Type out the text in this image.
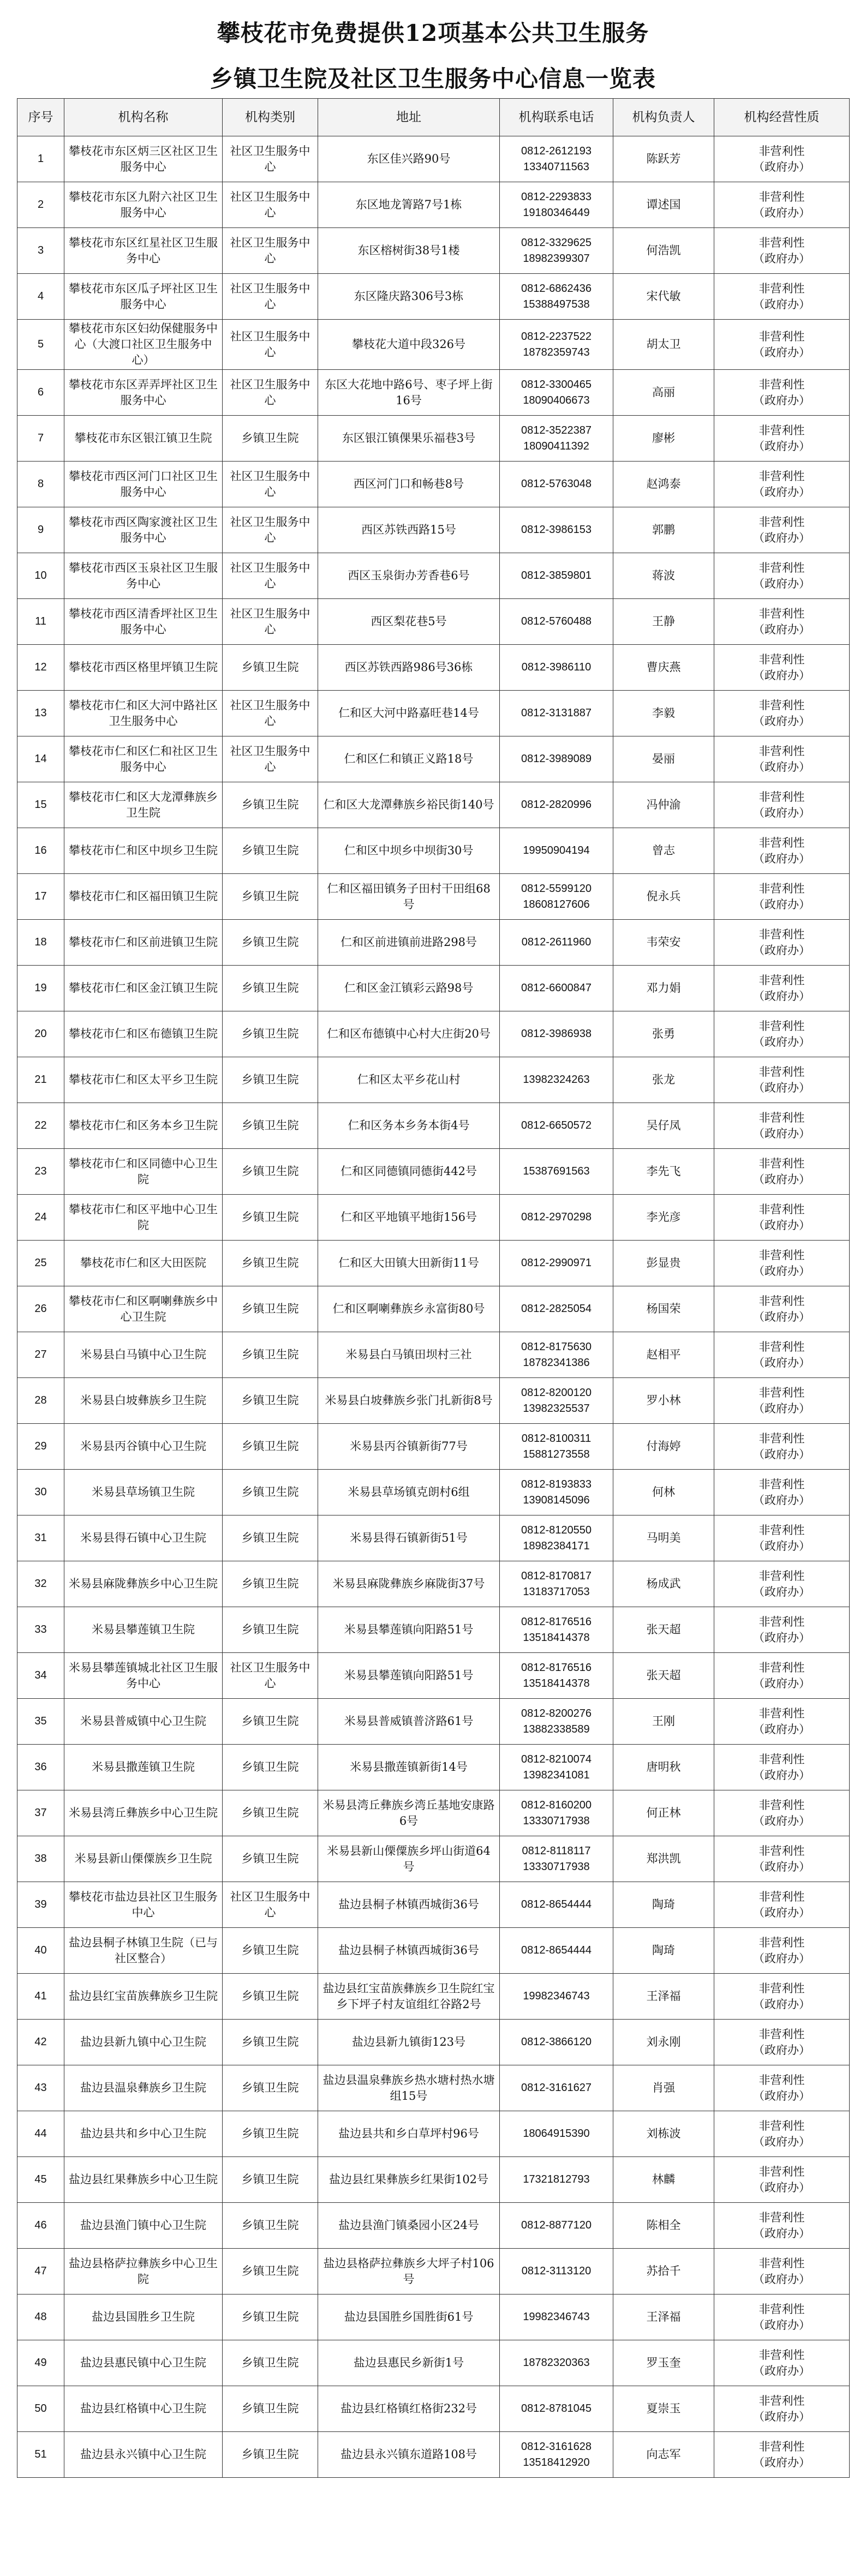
攀枝花市免费提供12项基本公共卫生服务
乡镇卫生院及社区卫生服务中心信息一览表
序号	机构名称	机构类别	地址	机构联系电话	机构负责人	机构经营性质
1	攀枝花市东区炳三区社区卫生服务中心	社区卫生服务中心	东区佳兴路90号	0812-2612193
13340711563	陈跃芳	非营利性
（政府办）
2	攀枝花市东区九附六社区卫生服务中心	社区卫生服务中心	东区地龙箐路7号1栋	0812-2293833
19180346449	谭述国	非营利性
（政府办）
3	攀枝花市东区红星社区卫生服务中心	社区卫生服务中心	东区榕树街38号1楼	0812-3329625
18982399307	何浩凯	非营利性
（政府办）
4	攀枝花市东区瓜子坪社区卫生服务中心	社区卫生服务中心	东区隆庆路306号3栋	0812-6862436
15388497538	宋代敏	非营利性
（政府办）
5	攀枝花市东区妇幼保健服务中心（大渡口社区卫生服务中心）	社区卫生服务中心	攀枝花大道中段326号	0812-2237522
18782359743	胡太卫	非营利性
（政府办）
6	攀枝花市东区弄弄坪社区卫生服务中心	社区卫生服务中心	东区大花地中路6号、枣子坪上街16号	0812-3300465
18090406673	高丽	非营利性
（政府办）
7	攀枝花市东区银江镇卫生院	乡镇卫生院	东区银江镇倮果乐福巷3号	0812-3522387
18090411392	廖彬	非营利性
（政府办）
8	攀枝花市西区河门口社区卫生服务中心	社区卫生服务中心	西区河门口和畅巷8号	0812-5763048	赵鸿泰	非营利性
（政府办）
9	攀枝花市西区陶家渡社区卫生服务中心	社区卫生服务中心	西区苏铁西路15号	0812-3986153	郭鹏	非营利性
（政府办）
10	攀枝花市西区玉泉社区卫生服务中心	社区卫生服务中心	西区玉泉街办芳香巷6号	0812-3859801	蒋波	非营利性
（政府办）
11	攀枝花市西区清香坪社区卫生服务中心	社区卫生服务中心	西区梨花巷5号	0812-5760488	王静	非营利性
（政府办）
12	攀枝花市西区格里坪镇卫生院	乡镇卫生院	西区苏铁西路986号36栋	0812-3986110	曹庆燕	非营利性
（政府办）
13	攀枝花市仁和区大河中路社区卫生服务中心	社区卫生服务中心	仁和区大河中路嘉旺巷14号	0812-3131887	李毅	非营利性
（政府办）
14	攀枝花市仁和区仁和社区卫生服务中心	社区卫生服务中心	仁和区仁和镇正义路18号	0812-3989089	晏丽	非营利性
（政府办）
15	攀枝花市仁和区大龙潭彝族乡卫生院	乡镇卫生院	仁和区大龙潭彝族乡裕民街140号	0812-2820996	冯仲渝	非营利性
（政府办）
16	攀枝花市仁和区中坝乡卫生院	乡镇卫生院	仁和区中坝乡中坝街30号	19950904194	曾志	非营利性
（政府办）
17	攀枝花市仁和区福田镇卫生院	乡镇卫生院	仁和区福田镇务子田村干田组68号	0812-5599120
18608127606	倪永兵	非营利性
（政府办）
18	攀枝花市仁和区前进镇卫生院	乡镇卫生院	仁和区前进镇前进路298号	0812-2611960	韦荣安	非营利性
（政府办）
19	攀枝花市仁和区金江镇卫生院	乡镇卫生院	仁和区金江镇彩云路98号	0812-6600847	邓力娟	非营利性
（政府办）
20	攀枝花市仁和区布德镇卫生院	乡镇卫生院	仁和区布德镇中心村大庄街20号	0812-3986938	张勇	非营利性
（政府办）
21	攀枝花市仁和区太平乡卫生院	乡镇卫生院	仁和区太平乡花山村	13982324263	张龙	非营利性
（政府办）
22	攀枝花市仁和区务本乡卫生院	乡镇卫生院	仁和区务本乡务本街4号	0812-6650572	吴仔凤	非营利性
（政府办）
23	攀枝花市仁和区同德中心卫生院	乡镇卫生院	仁和区同德镇同德街442号	15387691563	李先飞	非营利性
（政府办）
24	攀枝花市仁和区平地中心卫生院	乡镇卫生院	仁和区平地镇平地街156号	0812-2970298	李光彦	非营利性
（政府办）
25	攀枝花市仁和区大田医院	乡镇卫生院	仁和区大田镇大田新街11号	0812-2990971	彭显贵	非营利性
（政府办）
26	攀枝花市仁和区啊喇彝族乡中心卫生院	乡镇卫生院	仁和区啊喇彝族乡永富街80号	0812-2825054	杨国荣	非营利性
（政府办）
27	米易县白马镇中心卫生院	乡镇卫生院	米易县白马镇田坝村三社	0812-8175630
18782341386	赵相平	非营利性
（政府办）
28	米易县白坡彝族乡卫生院	乡镇卫生院	米易县白坡彝族乡张门扎新街8号	0812-8200120
13982325537	罗小林	非营利性
（政府办）
29	米易县丙谷镇中心卫生院	乡镇卫生院	米易县丙谷镇新街77号	0812-8100311
15881273558	付海婷	非营利性
（政府办）
30	米易县草场镇卫生院	乡镇卫生院	米易县草场镇克朗村6组	0812-8193833
13908145096	何林	非营利性
（政府办）
31	米易县得石镇中心卫生院	乡镇卫生院	米易县得石镇新街51号	0812-8120550
18982384171	马明美	非营利性
（政府办）
32	米易县麻陇彝族乡中心卫生院	乡镇卫生院	米易县麻陇彝族乡麻陇街37号	0812-8170817
13183717053	杨成武	非营利性
（政府办）
33	米易县攀莲镇卫生院	乡镇卫生院	米易县攀莲镇向阳路51号	0812-8176516
13518414378	张天超	非营利性
（政府办）
34	米易县攀莲镇城北社区卫生服务中心	社区卫生服务中心	米易县攀莲镇向阳路51号	0812-8176516
13518414378	张天超	非营利性
（政府办）
35	米易县普威镇中心卫生院	乡镇卫生院	米易县普威镇普济路61号	0812-8200276
13882338589	王刚	非营利性
（政府办）
36	米易县撒莲镇卫生院	乡镇卫生院	米易县撒莲镇新街14号	0812-8210074
13982341081	唐明秋	非营利性
（政府办）
37	米易县湾丘彝族乡中心卫生院	乡镇卫生院	米易县湾丘彝族乡湾丘基地安康路6号	0812-8160200
13330717938	何正林	非营利性
（政府办）
38	米易县新山傈僳族乡卫生院	乡镇卫生院	米易县新山傈僳族乡坪山街道64号	0812-8118117
13330717938	郑洪凯	非营利性
（政府办）
39	攀枝花市盐边县社区卫生服务中心	社区卫生服务中心	盐边县桐子林镇西城街36号	0812-8654444	陶琦	非营利性
（政府办）
40	盐边县桐子林镇卫生院（已与社区整合）	乡镇卫生院	盐边县桐子林镇西城街36号	0812-8654444	陶琦	非营利性
（政府办）
41	盐边县红宝苗族彝族乡卫生院	乡镇卫生院	盐边县红宝苗族彝族乡卫生院红宝乡下坪子村友谊组红谷路2号	19982346743	王泽福	非营利性
（政府办）
42	盐边县新九镇中心卫生院	乡镇卫生院	盐边县新九镇街123号	0812-3866120	刘永刚	非营利性
（政府办）
43	盐边县温泉彝族乡卫生院	乡镇卫生院	盐边县温泉彝族乡热水塘村热水塘组15号	0812-3161627	肖强	非营利性
（政府办）
44	盐边县共和乡中心卫生院	乡镇卫生院	盐边县共和乡白草坪村96号	18064915390	刘栋波	非营利性
（政府办）
45	盐边县红果彝族乡中心卫生院	乡镇卫生院	盐边县红果彝族乡红果街102号	17321812793	林麟	非营利性
（政府办）
46	盐边县渔门镇中心卫生院	乡镇卫生院	盐边县渔门镇桑园小区24号	0812-8877120	陈相全	非营利性
（政府办）
47	盐边县格萨拉彝族乡中心卫生院	乡镇卫生院	盐边县格萨拉彝族乡大坪子村106号	0812-3113120	苏拾千	非营利性
（政府办）
48	盐边县国胜乡卫生院	乡镇卫生院	盐边县国胜乡国胜街61号	19982346743	王泽福	非营利性
（政府办）
49	盐边县惠民镇中心卫生院	乡镇卫生院	盐边县惠民乡新街1号	18782320363	罗玉奎	非营利性
（政府办）
50	盐边县红格镇中心卫生院	乡镇卫生院	盐边县红格镇红格街232号	0812-8781045	夏崇玉	非营利性
（政府办）
51	盐边县永兴镇中心卫生院	乡镇卫生院	盐边县永兴镇东道路108号	0812-3161628
13518412920	向志军	非营利性
（政府办）
